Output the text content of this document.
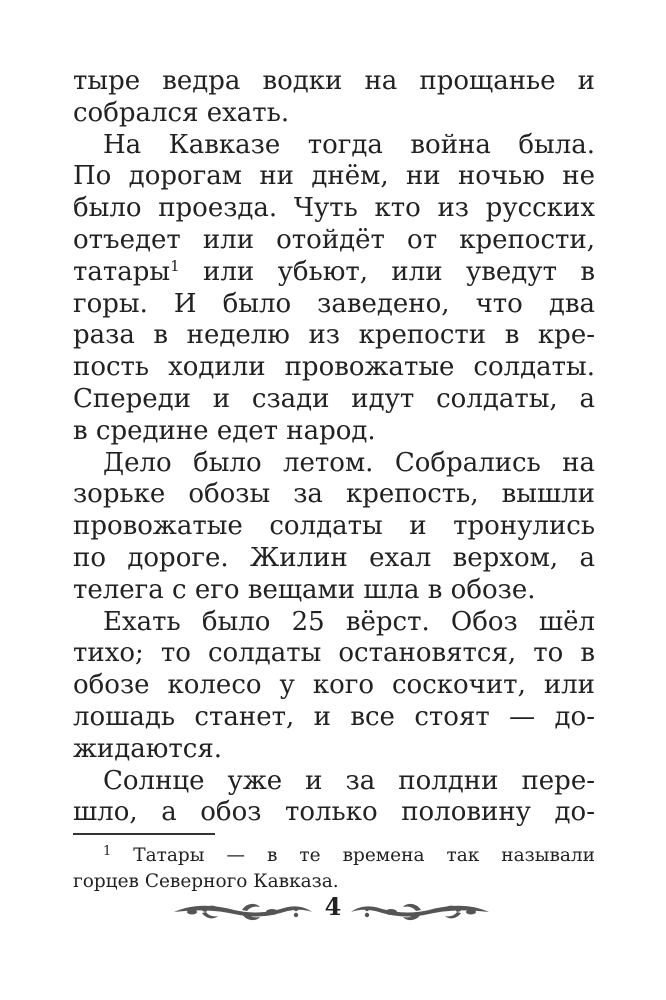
тыре ведра водки на прощанье и
собрался ехать.
На Кавказе тогда война была.
По дорогам ни днём, ни ночью не
было проезда. Чуть кто из русских
отъедет или отойдёт от крепости,
татары$^1$ или убьют, или уведут в
горы. И было заведено, что два
раза в неделю из крепости в кре-
пость ходили провожатые солдаты.
Спереди и сзади идут солдаты, а
в средине едет народ.
Дело было летом. Собрались на
зорьке обозы за крепость, вышли
провожатые солдаты и тронулись
по дороге. Жилин ехал верхом, а
телега с его вещами шла в обозе.
Ехать было 25 вёрст. Обоз шёл
тихо; то солдаты остановятся, то в
обозе колесо у кого соскочит, или
лошадь станет, и все стоят — до-
жидаются.
Солнце уже и за полдни пере-
шло, а обоз только половину до-
$^1$ Татары — в те времена так называли
горцев Северного Кавказа.
4
